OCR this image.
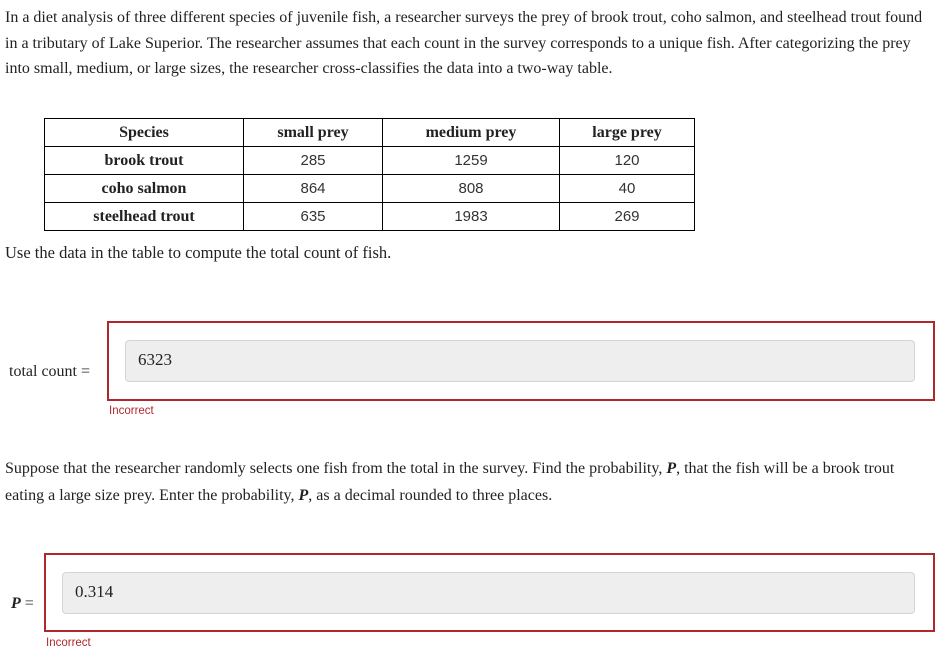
In a diet analysis of three different species of juvenile fish, a researcher surveys the prey of brook trout, coho salmon, and steelhead trout found in a tributary of Lake Superior. The researcher assumes that each count in the survey corresponds to a unique fish. After categorizing the prey into small, medium, or large sizes, the researcher cross-classifies the data into a two-way table.

Species	small prey	medium prey	large prey
brook trout	285	1259	120
coho salmon	864	808	40
steelhead trout	635	1983	269

Use the data in the table to compute the total count of fish.

total count =
6323
Incorrect

Suppose that the researcher randomly selects one fish from the total in the survey. Find the probability, P, that the fish will be a brook trout eating a large size prey. Enter the probability, P, as a decimal rounded to three places.

P =
0.314
Incorrect
